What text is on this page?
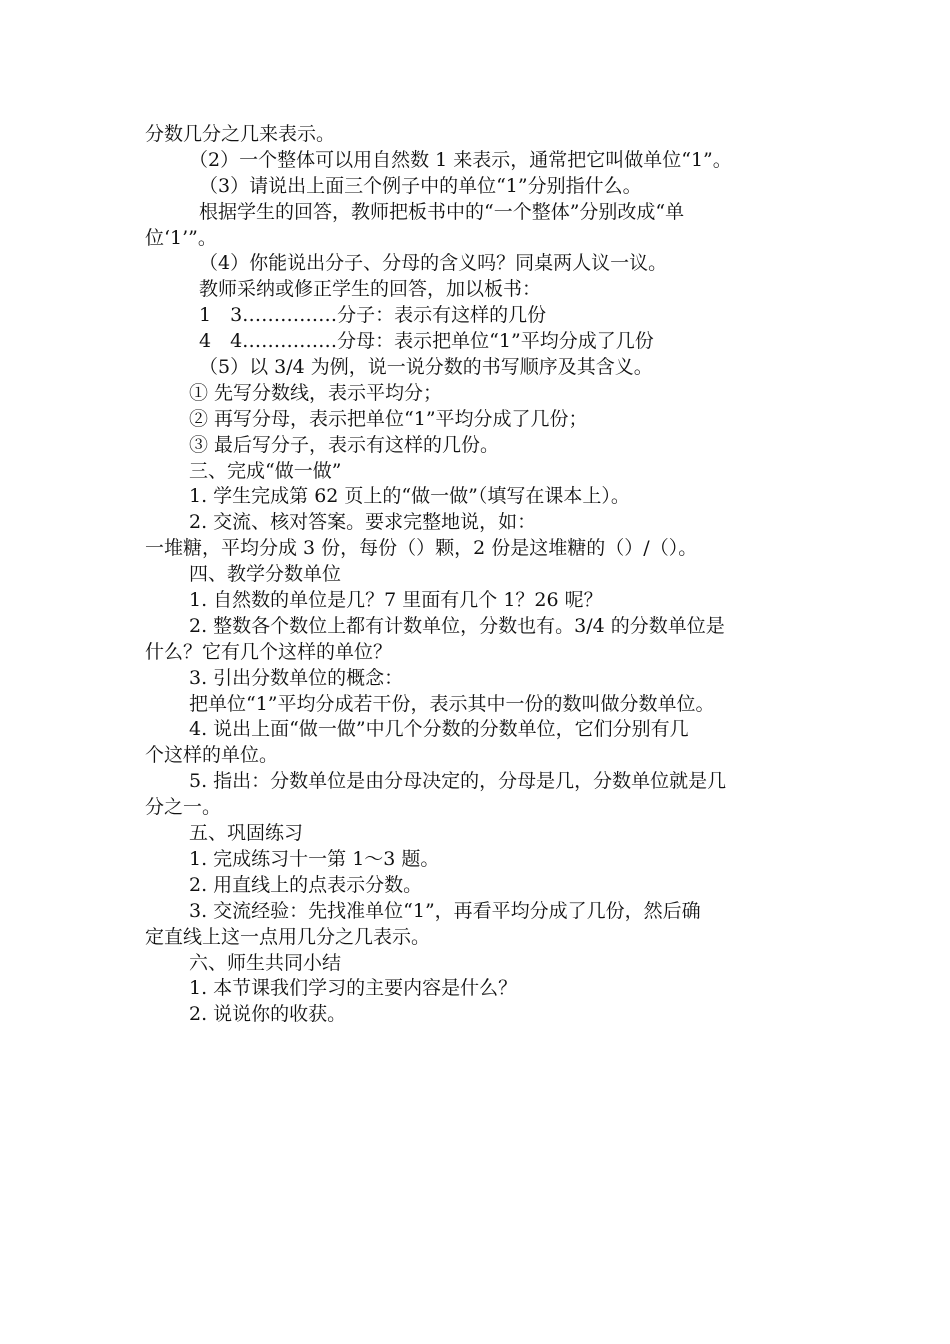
分数几分之几来表示。
（2）一个整体可以用自然数 1 来表示，通常把它叫做单位“1”。
（3）请说出上面三个例子中的单位“1”分别指什么。
根据学生的回答，教师把板书中的“一个整体”分别改成“单
位‘1’”。
（4）你能说出分子、分母的含义吗？同桌两人议一议。
教师采纳或修正学生的回答，加以板书：
1　3……………分子：表示有这样的几份
4　4……………分母：表示把单位“1”平均分成了几份
（5）以 3/4 为例，说一说分数的书写顺序及其含义。
① 先写分数线，表示平均分；
② 再写分母，表示把单位“1”平均分成了几份；
③ 最后写分子，表示有这样的几份。
三、完成“做一做”
1. 学生完成第 62 页上的“做一做”（填写在课本上）。
2. 交流、核对答案。要求完整地说，如：
一堆糖，平均分成 3 份，每份（）颗，2 份是这堆糖的（）/（）。
四、教学分数单位
1. 自然数的单位是几？7 里面有几个 1？26 呢？
2. 整数各个数位上都有计数单位，分数也有。3/4 的分数单位是
什么？它有几个这样的单位？
3. 引出分数单位的概念：
把单位“1”平均分成若干份，表示其中一份的数叫做分数单位。
4. 说出上面“做一做”中几个分数的分数单位，它们分别有几
个这样的单位。
5. 指出：分数单位是由分母决定的，分母是几，分数单位就是几
分之一。
五、巩固练习
1. 完成练习十一第 1～3 题。
2. 用直线上的点表示分数。
3. 交流经验：先找准单位“1”，再看平均分成了几份，然后确
定直线上这一点用几分之几表示。
六、师生共同小结
1. 本节课我们学习的主要内容是什么？
2. 说说你的收获。
